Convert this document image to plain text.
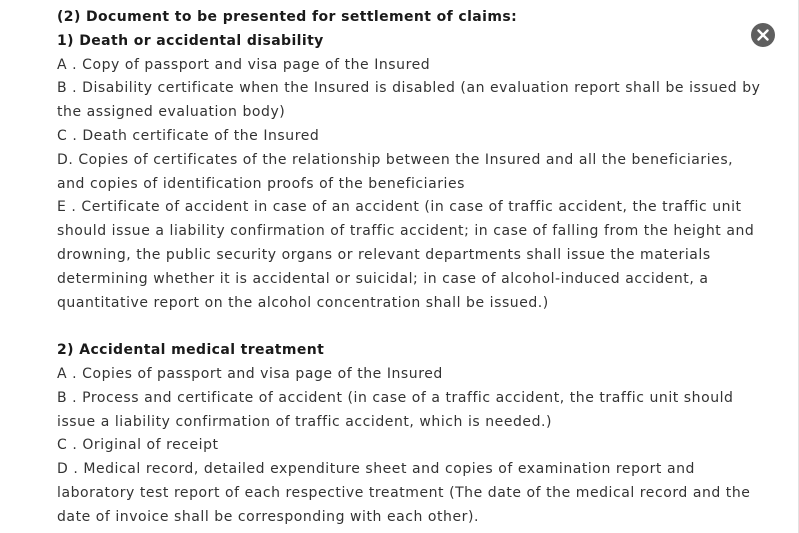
(2) Document to be presented for settlement of claims:
1) Death or accidental disability
A . Copy of passport and visa page of the Insured
B . Disability certificate when the Insured is disabled (an evaluation report shall be issued by
the assigned evaluation body)
C . Death certificate of the Insured
D. Copies of certificates of the relationship between the Insured and all the beneficiaries,
and copies of identification proofs of the beneficiaries
E . Certificate of accident in case of an accident (in case of traffic accident, the traffic unit
should issue a liability confirmation of traffic accident; in case of falling from the height and
drowning, the public security organs or relevant departments shall issue the materials
determining whether it is accidental or suicidal; in case of alcohol-induced accident, a
quantitative report on the alcohol concentration shall be issued.)
2) Accidental medical treatment
A . Copies of passport and visa page of the Insured
B . Process and certificate of accident (in case of a traffic accident, the traffic unit should
issue a liability confirmation of traffic accident, which is needed.)
C . Original of receipt
D . Medical record, detailed expenditure sheet and copies of examination report and
laboratory test report of each respective treatment (The date of the medical record and the
date of invoice shall be corresponding with each other).
